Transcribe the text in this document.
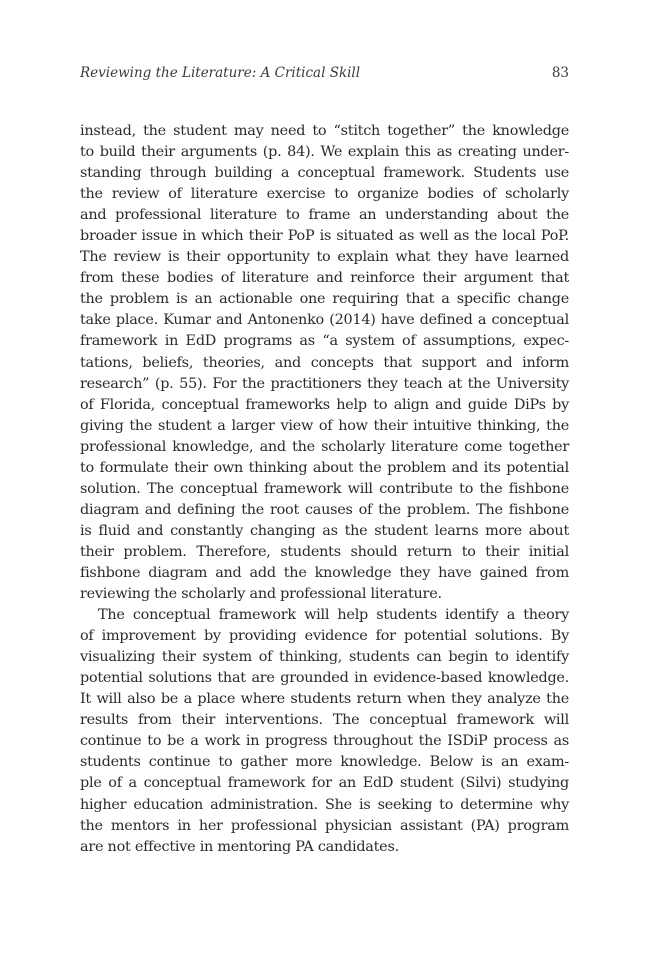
Reviewing the Literature: A Critical Skill	83
instead, the student may need to “stitch together” the knowledge
to build their arguments (p. 84). We explain this as creating under-
standing through building a conceptual framework. Students use
the review of literature exercise to organize bodies of scholarly
and professional literature to frame an understanding about the
broader issue in which their PoP is situated as well as the local PoP.
The review is their opportunity to explain what they have learned
from these bodies of literature and reinforce their argument that
the problem is an actionable one requiring that a specific change
take place. Kumar and Antonenko (2014) have defined a conceptual
framework in EdD programs as “a system of assumptions, expec-
tations, beliefs, theories, and concepts that support and inform
research” (p. 55). For the practitioners they teach at the University
of Florida, conceptual frameworks help to align and guide DiPs by
giving the student a larger view of how their intuitive thinking, the
professional knowledge, and the scholarly literature come together
to formulate their own thinking about the problem and its potential
solution. The conceptual framework will contribute to the fishbone
diagram and defining the root causes of the problem. The fishbone
is fluid and constantly changing as the student learns more about
their problem. Therefore, students should return to their initial
fishbone diagram and add the knowledge they have gained from
reviewing the scholarly and professional literature.
The conceptual framework will help students identify a theory
of improvement by providing evidence for potential solutions. By
visualizing their system of thinking, students can begin to identify
potential solutions that are grounded in evidence-based knowledge.
It will also be a place where students return when they analyze the
results from their interventions. The conceptual framework will
continue to be a work in progress throughout the ISDiP process as
students continue to gather more knowledge. Below is an exam-
ple of a conceptual framework for an EdD student (Silvi) studying
higher education administration. She is seeking to determine why
the mentors in her professional physician assistant (PA) program
are not effective in mentoring PA candidates.
